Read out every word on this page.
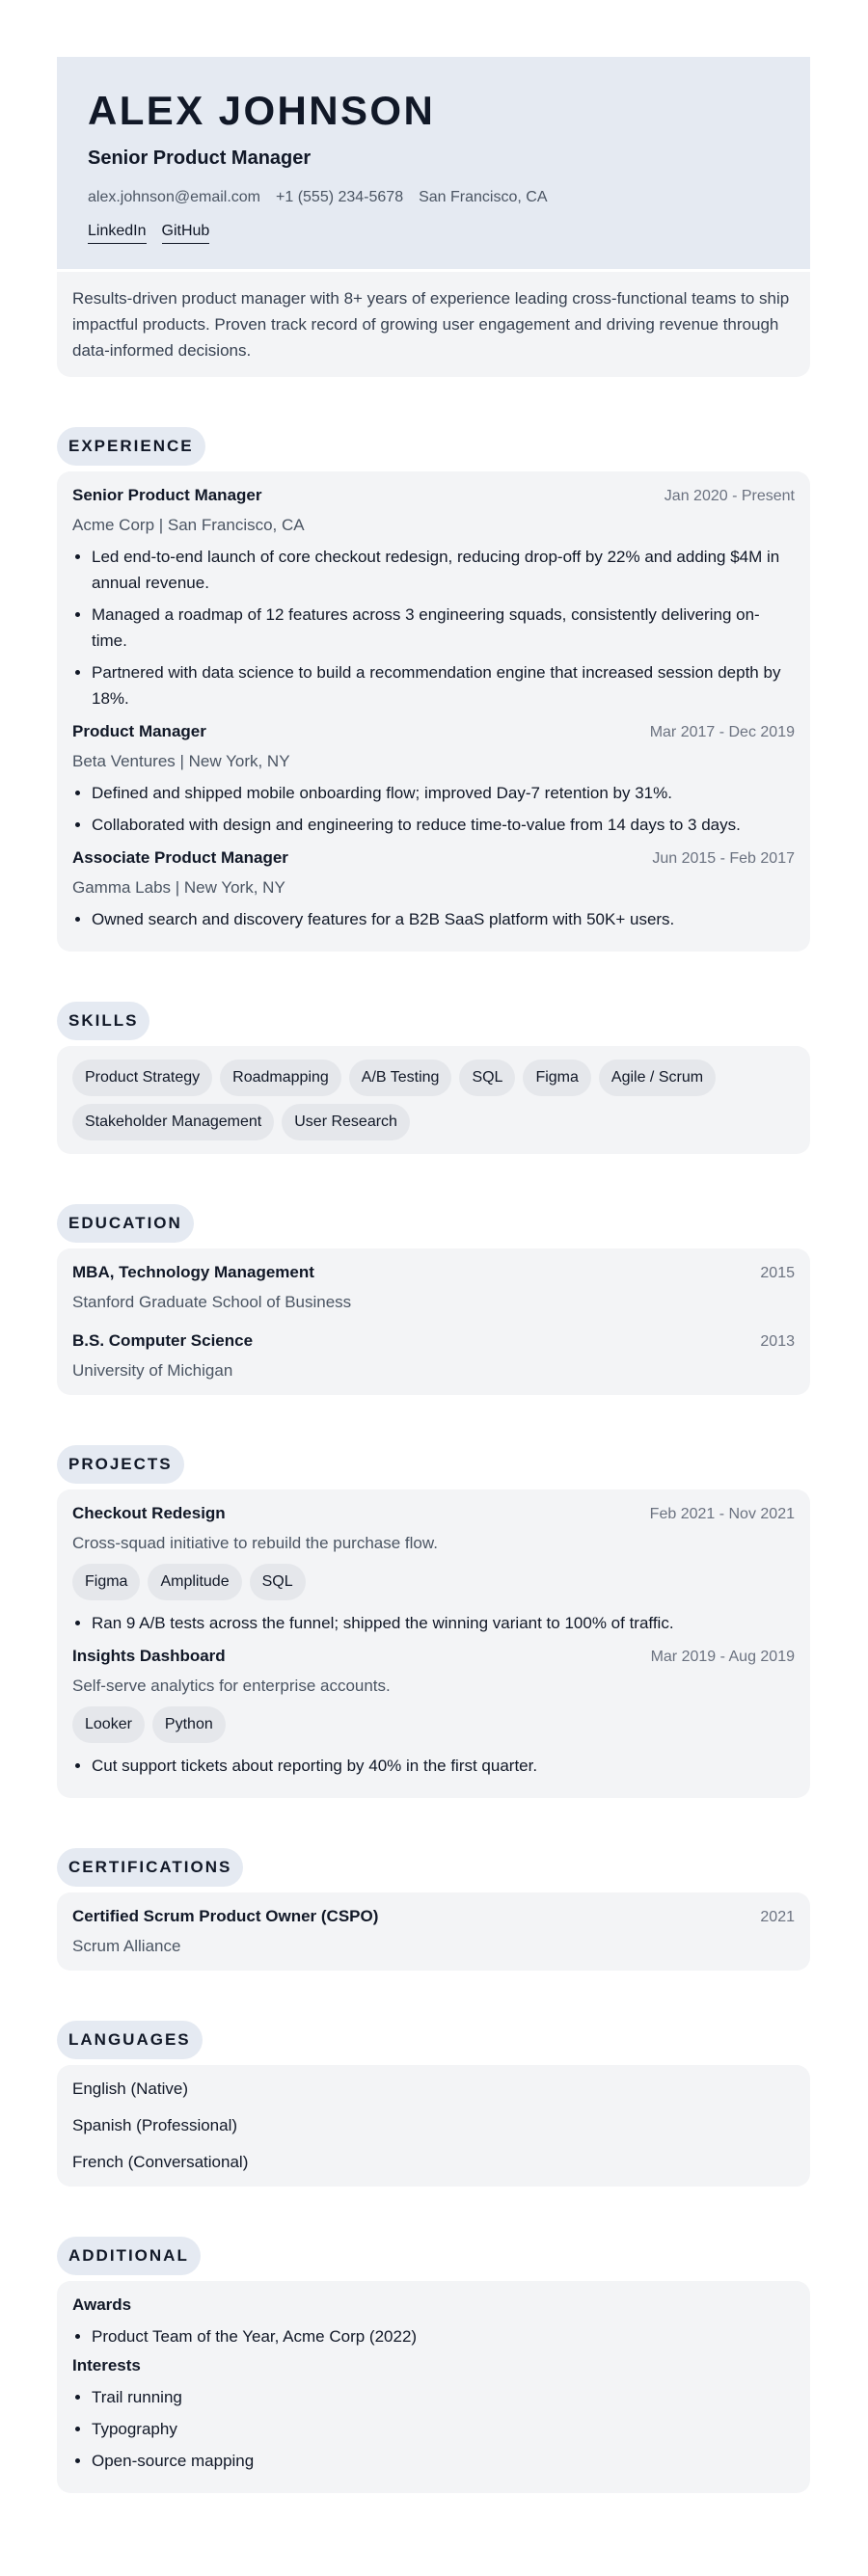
ALEX JOHNSON
Senior Product Manager
alex.johnson@email.com +1 (555) 234-5678 San Francisco, CA
LinkedIn GitHub
Results-driven product manager with 8+ years of experience leading cross-functional teams to ship impactful products. Proven track record of growing user engagement and driving revenue through data-informed decisions.
EXPERIENCE
Senior Product Manager	Jan 2020 - Present
Acme Corp | San Francisco, CA
• Led end-to-end launch of core checkout redesign, reducing drop-off by 22% and adding $4M in annual revenue.
• Managed a roadmap of 12 features across 3 engineering squads, consistently delivering on-time.
• Partnered with data science to build a recommendation engine that increased session depth by 18%.
Product Manager	Mar 2017 - Dec 2019
Beta Ventures | New York, NY
• Defined and shipped mobile onboarding flow; improved Day-7 retention by 31%.
• Collaborated with design and engineering to reduce time-to-value from 14 days to 3 days.
Associate Product Manager	Jun 2015 - Feb 2017
Gamma Labs | New York, NY
• Owned search and discovery features for a B2B SaaS platform with 50K+ users.
SKILLS
Product Strategy	Roadmapping	A/B Testing	SQL	Figma	Agile / Scrum
Stakeholder Management	User Research
EDUCATION
MBA, Technology Management	2015
Stanford Graduate School of Business
B.S. Computer Science	2013
University of Michigan
PROJECTS
Checkout Redesign	Feb 2021 - Nov 2021
Cross-squad initiative to rebuild the purchase flow.
Figma	Amplitude	SQL
• Ran 9 A/B tests across the funnel; shipped the winning variant to 100% of traffic.
Insights Dashboard	Mar 2019 - Aug 2019
Self-serve analytics for enterprise accounts.
Looker	Python
• Cut support tickets about reporting by 40% in the first quarter.
CERTIFICATIONS
Certified Scrum Product Owner (CSPO)	2021
Scrum Alliance
LANGUAGES
English (Native)
Spanish (Professional)
French (Conversational)
ADDITIONAL
Awards
• Product Team of the Year, Acme Corp (2022)
Interests
• Trail running
• Typography
• Open-source mapping
